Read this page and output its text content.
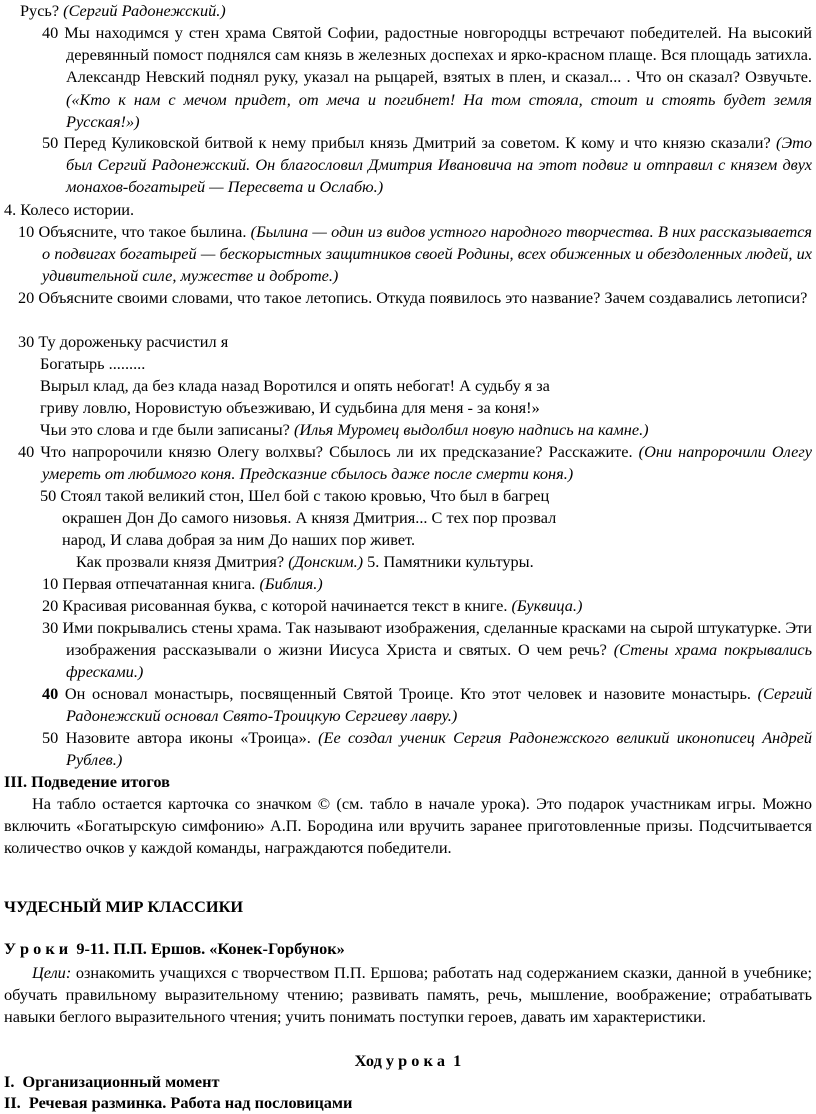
Русь? (Сергий Радонежский.)

40 Мы находимся у стен храма Святой Софии, радостные новгородцы встречают победителей. На высокий деревянный помост поднялся сам князь в железных доспехах и ярко-красном плаще. Вся площадь затихла. Александр Невский поднял руку, указал на рыцарей, взятых в плен, и сказал... . Что он сказал? Озвучьте. («Кто к нам с мечом придет, от меча и погибнет! На том стояла, стоит и стоять будет земля Русская!»)

50 Перед Куликовской битвой к нему прибыл князь Дмитрий за советом. К кому и что князю сказали? (Это был Сергий Радонежский. Он благословил Дмитрия Ивановича на этот подвиг и отправил с князем двух монахов-богатырей — Пересвета и Ослабю.)

4. Колесо истории.

10 Объясните, что такое былина. (Былина — один из видов устного народного творчества. В них рассказывается о подвигах богатырей — бескорыстных защитников своей Родины, всех обиженных и обездоленных людей, их удивительной силе, мужестве и доброте.)

20 Объясните своими словами, что такое летопись. Откуда появилось это название? Зачем создавались летописи?

30 Ту дороженьку расчистил я
Богатырь .........
Вырыл клад, да без клада назад Воротился и опять небогат! А судьбу я за
гриву ловлю, Норовистую объезживаю, И судьбина для меня - за коня!»
Чьи это слова и где были записаны? (Илья Муромец выдолбил новую надпись на камне.)

40 Что напророчили князю Олегу волхвы? Сбылось ли их предсказание? Расскажите. (Они напророчили Олегу умереть от любимого коня. Предсказние сбылось даже после смерти коня.)

50 Стоял такой великий стон, Шел бой с такою кровью, Что был в багрец
окрашен Дон До самого низовья. А князя Дмитрия... С тех пор прозвал
народ, И слава добрая за ним До наших пор живет.
Как прозвали князя Дмитрия? (Донским.) 5. Памятники культуры.

10 Первая отпечатанная книга. (Библия.)

20 Красивая рисованная буква, с которой начинается текст в книге. (Буквица.)

30 Ими покрывались стены храма. Так называют изображения, сделанные красками на сырой штукатурке. Эти изображения рассказывали о жизни Иисуса Христа и святых. О чем речь? (Стены храма покрывались фресками.)

40 Он основал монастырь, посвященный Святой Троице. Кто этот человек и назовите монастырь. (Сергий Радонежский основал Свято-Троицкую Сергиеву лавру.)

50 Назовите автора иконы «Троица». (Ее создал ученик Сергия Радонежского великий иконописец Андрей Рублев.)

III. Подведение итогов

На табло остается карточка со значком © (см. табло в начале урока). Это подарок участникам игры. Можно включить «Богатырскую симфонию» А.П. Бородина или вручить заранее приготовленные призы. Подсчитывается количество очков у каждой команды, награждаются победители.

ЧУДЕСНЫЙ МИР КЛАССИКИ

У р о к и  9-11. П.П. Ершов. «Конек-Горбунок»

Цели: ознакомить учащихся с творчеством П.П. Ершова; работать над содержанием сказки, данной в учебнике; обучать правильному выразительному чтению; развивать память, речь, мышление, воображение; отрабатывать навыки беглого выразительного чтения; учить понимать поступки героев, давать им характеристики.

Ход у р о к а  1

I.  Организационный момент

II.  Речевая разминка. Работа над пословицами
